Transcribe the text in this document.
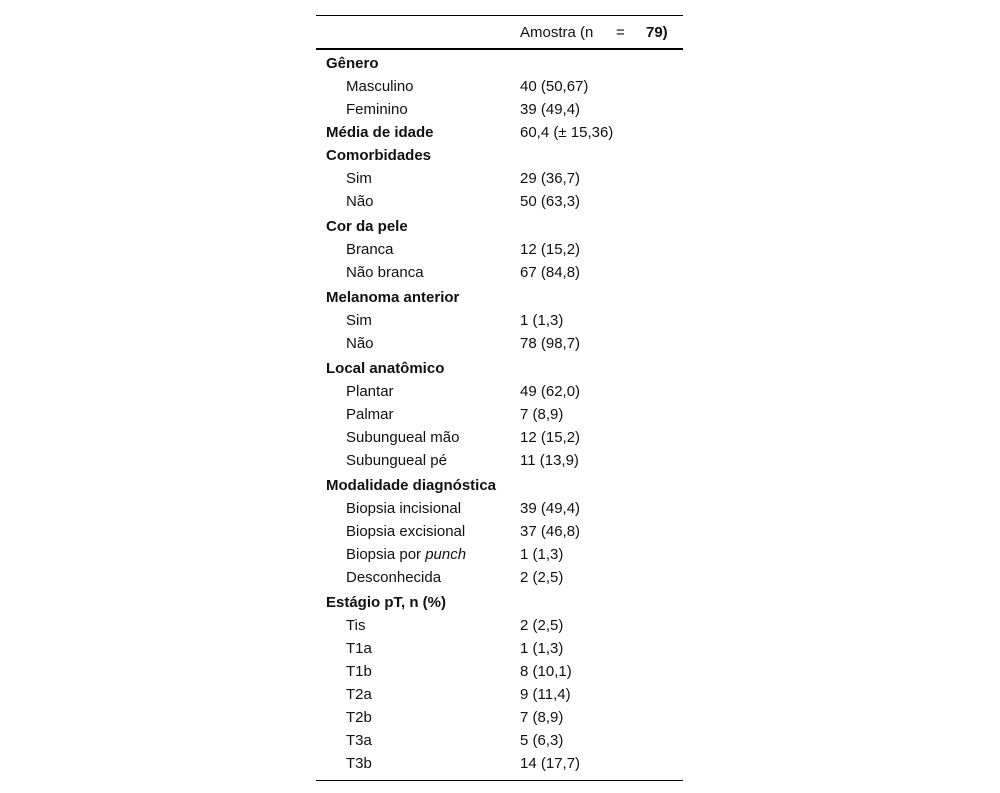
Amostra (n = 79)
Gênero
Masculino	40 (50,67)
Feminino	39 (49,4)
Média de idade	60,4 (± 15,36)
Comorbidades
Sim	29 (36,7)
Não	50 (63,3)
Cor da pele
Branca	12 (15,2)
Não branca	67 (84,8)
Melanoma anterior
Sim	1 (1,3)
Não	78 (98,7)
Local anatômico
Plantar	49 (62,0)
Palmar	7 (8,9)
Subungueal mão	12 (15,2)
Subungueal pé	11 (13,9)
Modalidade diagnóstica
Biopsia incisional	39 (49,4)
Biopsia excisional	37 (46,8)
Biopsia por punch	1 (1,3)
Desconhecida	2 (2,5)
Estágio pT, n (%)
Tis	2 (2,5)
T1a	1 (1,3)
T1b	8 (10,1)
T2a	9 (11,4)
T2b	7 (8,9)
T3a	5 (6,3)
T3b	14 (17,7)
